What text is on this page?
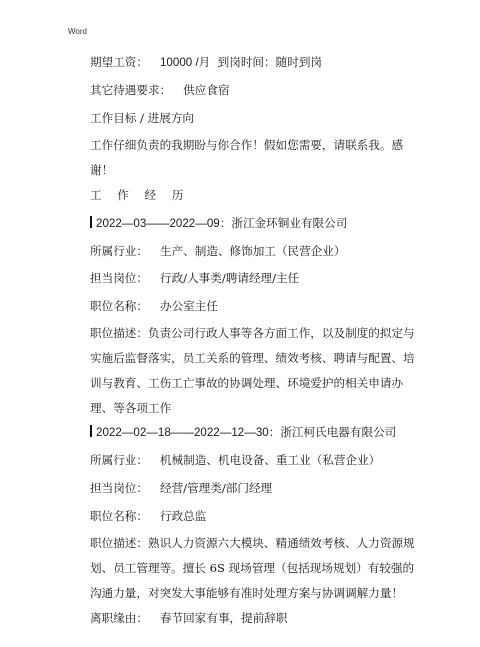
Word
期望工资： 10000 /月 到岗时间：随时到岗
其它待遇要求： 供应食宿
工作目标 / 进展方向
工作仔细负责的我期盼与你合作！假如您需要，请联系我。感谢！
工 作 经 历
2022—03——2022—09：浙江金环铜业有限公司
所属行业： 生产、制造、修饰加工（民营企业）
担当岗位： 行政/人事类/聘请经理/主任
职位名称： 办公室主任
职位描述：负责公司行政人事等各方面工作，以及制度的拟定与实施后监督落实，员工关系的管理、绩效考核、聘请与配置、培训与教育、工伤工亡事故的协调处理、环境爱护的相关申请办理、等各项工作
2022—02—18——2022—12—30：浙江柯氏电器有限公司
所属行业： 机械制造、机电设备、重工业（私营企业）
担当岗位： 经营/管理类/部门经理
职位名称： 行政总监
职位描述：熟识人力资源六大模块、精通绩效考核、人力资源规划、员工管理等。擅长 6S 现场管理（包括现场规划）有较强的沟通力量，对突发大事能够有准时处理方案与协调调解力量！
离职缘由： 春节回家有事，提前辞职
